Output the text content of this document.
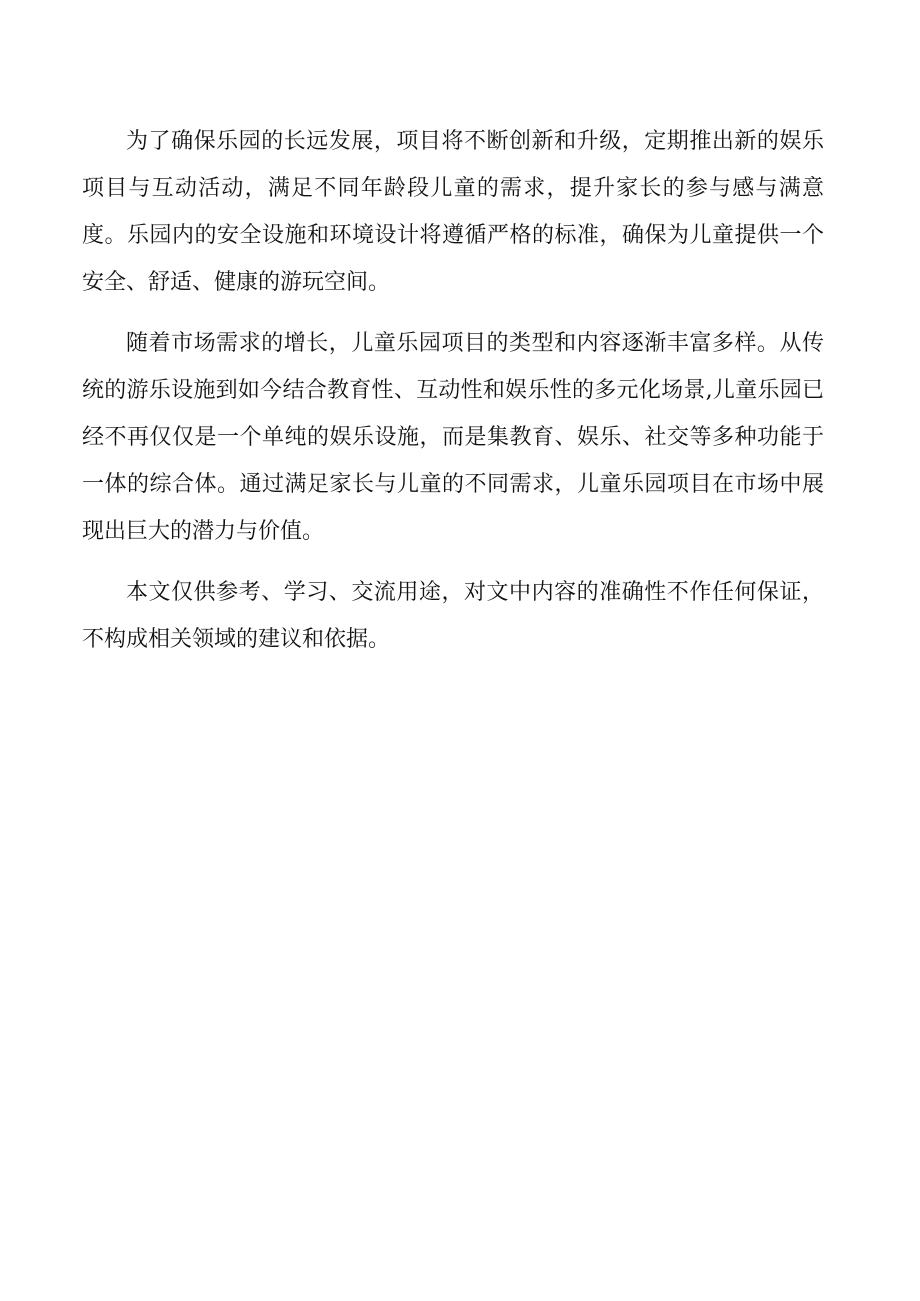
为了确保乐园的长远发展，项目将不断创新和升级，定期推出新的娱乐项目与互动活动，满足不同年龄段儿童的需求，提升家长的参与感与满意度。乐园内的安全设施和环境设计将遵循严格的标准，确保为儿童提供一个安全、舒适、健康的游玩空间。

随着市场需求的增长，儿童乐园项目的类型和内容逐渐丰富多样。从传统的游乐设施到如今结合教育性、互动性和娱乐性的多元化场景,儿童乐园已经不再仅仅是一个单纯的娱乐设施，而是集教育、娱乐、社交等多种功能于一体的综合体。通过满足家长与儿童的不同需求，儿童乐园项目在市场中展现出巨大的潜力与价值。

本文仅供参考、学习、交流用途，对文中内容的准确性不作任何保证，不构成相关领域的建议和依据。
